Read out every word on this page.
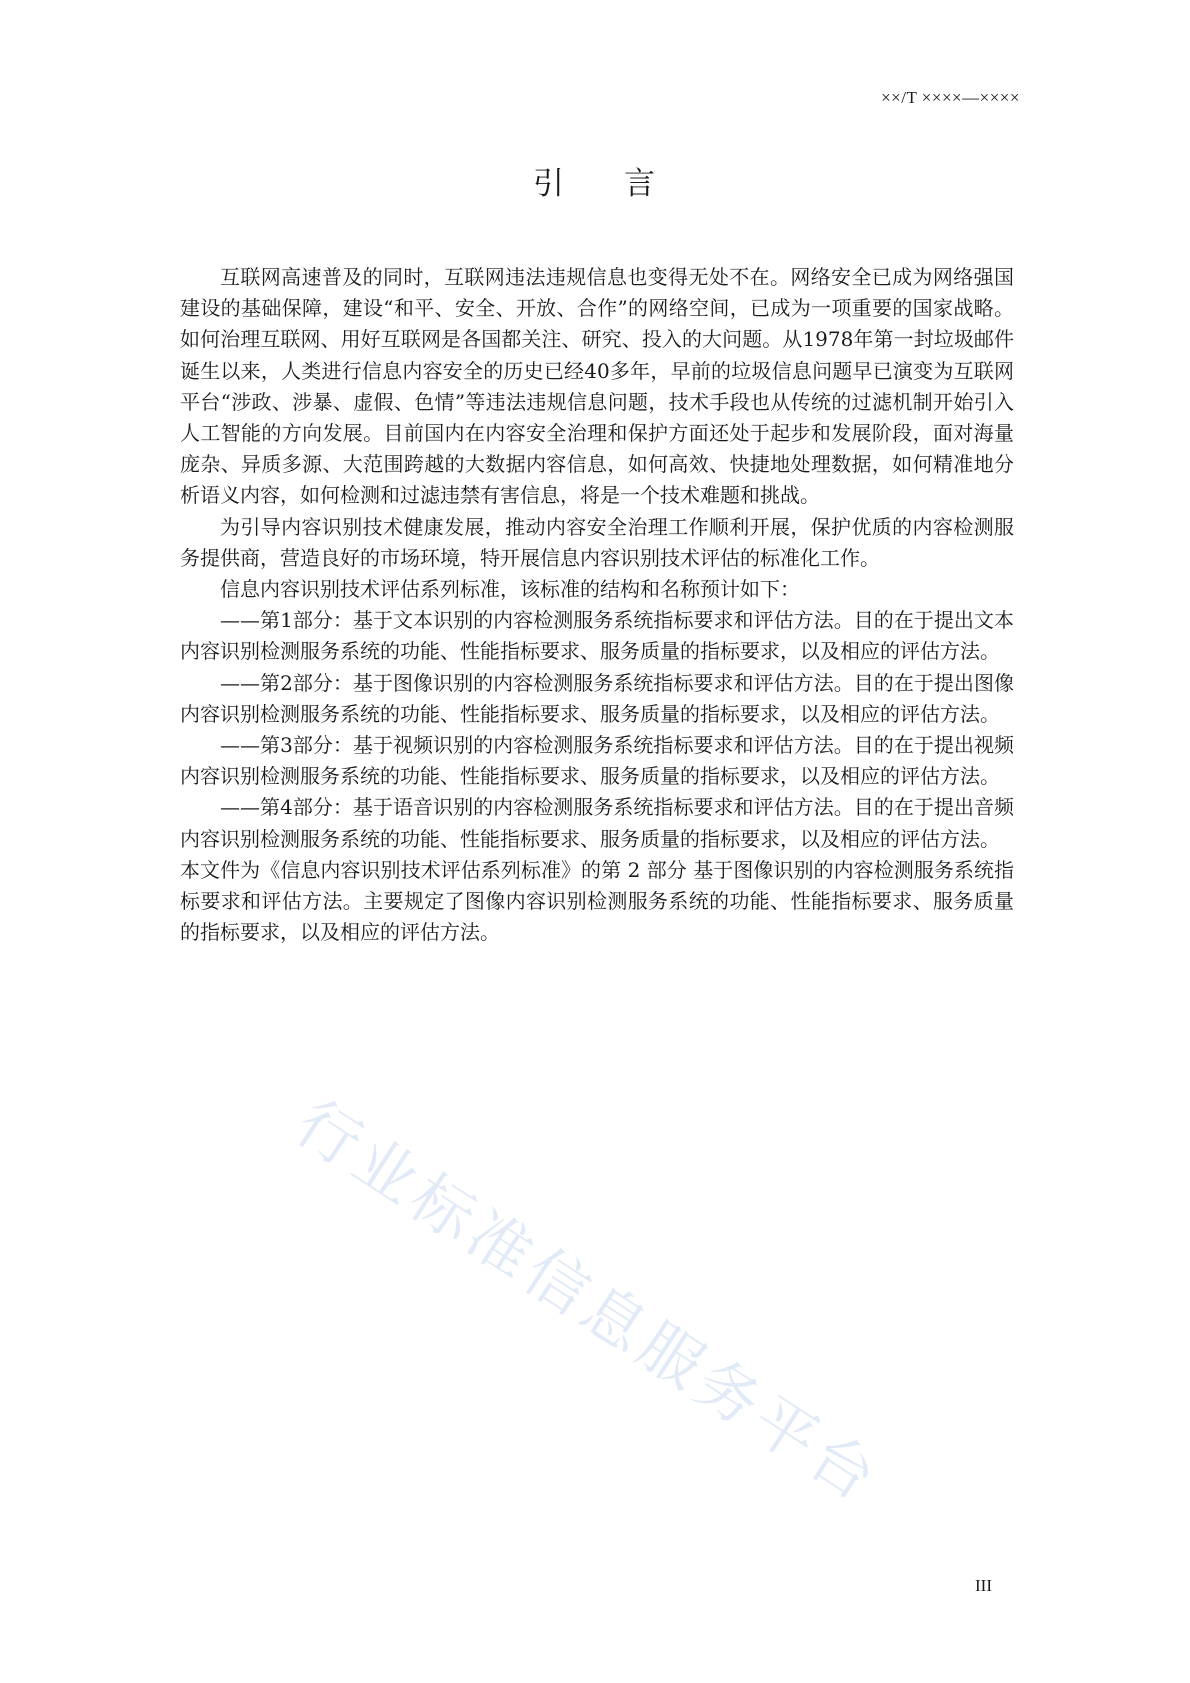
××/T ××××—××××
引 言

互联网高速普及的同时，互联网违法违规信息也变得无处不在。网络安全已成为网络强国建设的基础保障，建设“和平、安全、开放、合作”的网络空间，已成为一项重要的国家战略。如何治理互联网、用好互联网是各国都关注、研究、投入的大问题。从1978年第一封垃圾邮件诞生以来，人类进行信息内容安全的历史已经40多年，早前的垃圾信息问题早已演变为互联网平台“涉政、涉暴、虚假、色情”等违法违规信息问题，技术手段也从传统的过滤机制开始引入人工智能的方向发展。目前国内在内容安全治理和保护方面还处于起步和发展阶段，面对海量庞杂、异质多源、大范围跨越的大数据内容信息，如何高效、快捷地处理数据，如何精准地分析语义内容，如何检测和过滤违禁有害信息，将是一个技术难题和挑战。

为引导内容识别技术健康发展，推动内容安全治理工作顺利开展，保护优质的内容检测服务提供商，营造良好的市场环境，特开展信息内容识别技术评估的标准化工作。

信息内容识别技术评估系列标准，该标准的结构和名称预计如下：

——第1部分：基于文本识别的内容检测服务系统指标要求和评估方法。目的在于提出文本内容识别检测服务系统的功能、性能指标要求、服务质量的指标要求，以及相应的评估方法。

——第2部分：基于图像识别的内容检测服务系统指标要求和评估方法。目的在于提出图像内容识别检测服务系统的功能、性能指标要求、服务质量的指标要求，以及相应的评估方法。

——第3部分：基于视频识别的内容检测服务系统指标要求和评估方法。目的在于提出视频内容识别检测服务系统的功能、性能指标要求、服务质量的指标要求，以及相应的评估方法。

——第4部分：基于语音识别的内容检测服务系统指标要求和评估方法。目的在于提出音频内容识别检测服务系统的功能、性能指标要求、服务质量的指标要求，以及相应的评估方法。

本文件为《信息内容识别技术评估系列标准》的第 2 部分 基于图像识别的内容检测服务系统指标要求和评估方法。主要规定了图像内容识别检测服务系统的功能、性能指标要求、服务质量的指标要求，以及相应的评估方法。

行业标准信息服务平台
III
